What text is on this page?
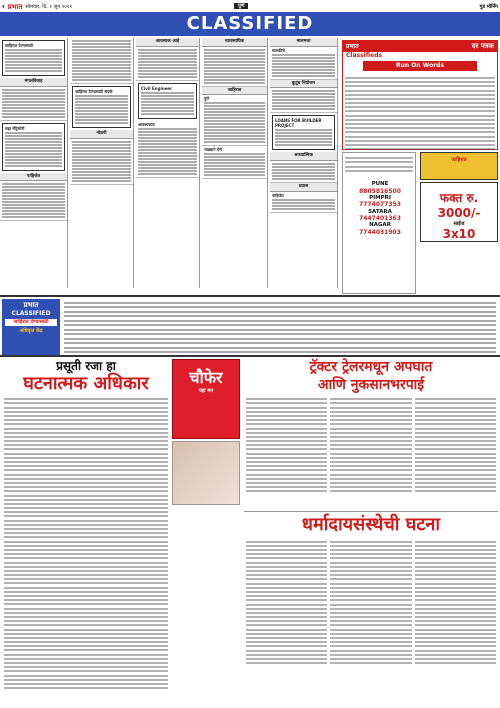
२ प्रभात सोमवार, दि. १ जून २०२१	पुणे	गुड मॉर्निंग
CLASSIFIED
जाहिरात देण्यासाठी
मंगलविवाह
शहा मॅट्रिमोनी
पाहिजेत
जाहिरात देण्यासाठी संपर्क
नोकरी
आवश्यक आहे
Civil Engineer
आवश्यकता
व्यावसायिक
जाहिरात
पुणे
भाड्याने देणे
मालमत्ता
मालकीचे
कुटुंब नियोजन
LOANS FOR BUILDER PROJECT
आध्यात्मिक
प्रवास
पाहिजेत
प्रभात	दर पत्रक
Classifieds
Run On Words
PUNE
8805816500
PIMPRI
7774077353
SATARA
7447401363
NAGAR
7744031903
जाहिरात
फक्त रु.
3000/-
साईज
3x10
प्रभात
CLASSIFIED
जाहिरात देण्यासाठी
अधिकृत केंद्र
प्रसूती रजा हा
घटनात्मक अधिकार	चौफेर
पहा मत
ट्रॅक्टर ट्रेलरमधून अपघात
आणि नुकसानभरपाई
धर्मादायसंस्थेची घटना
